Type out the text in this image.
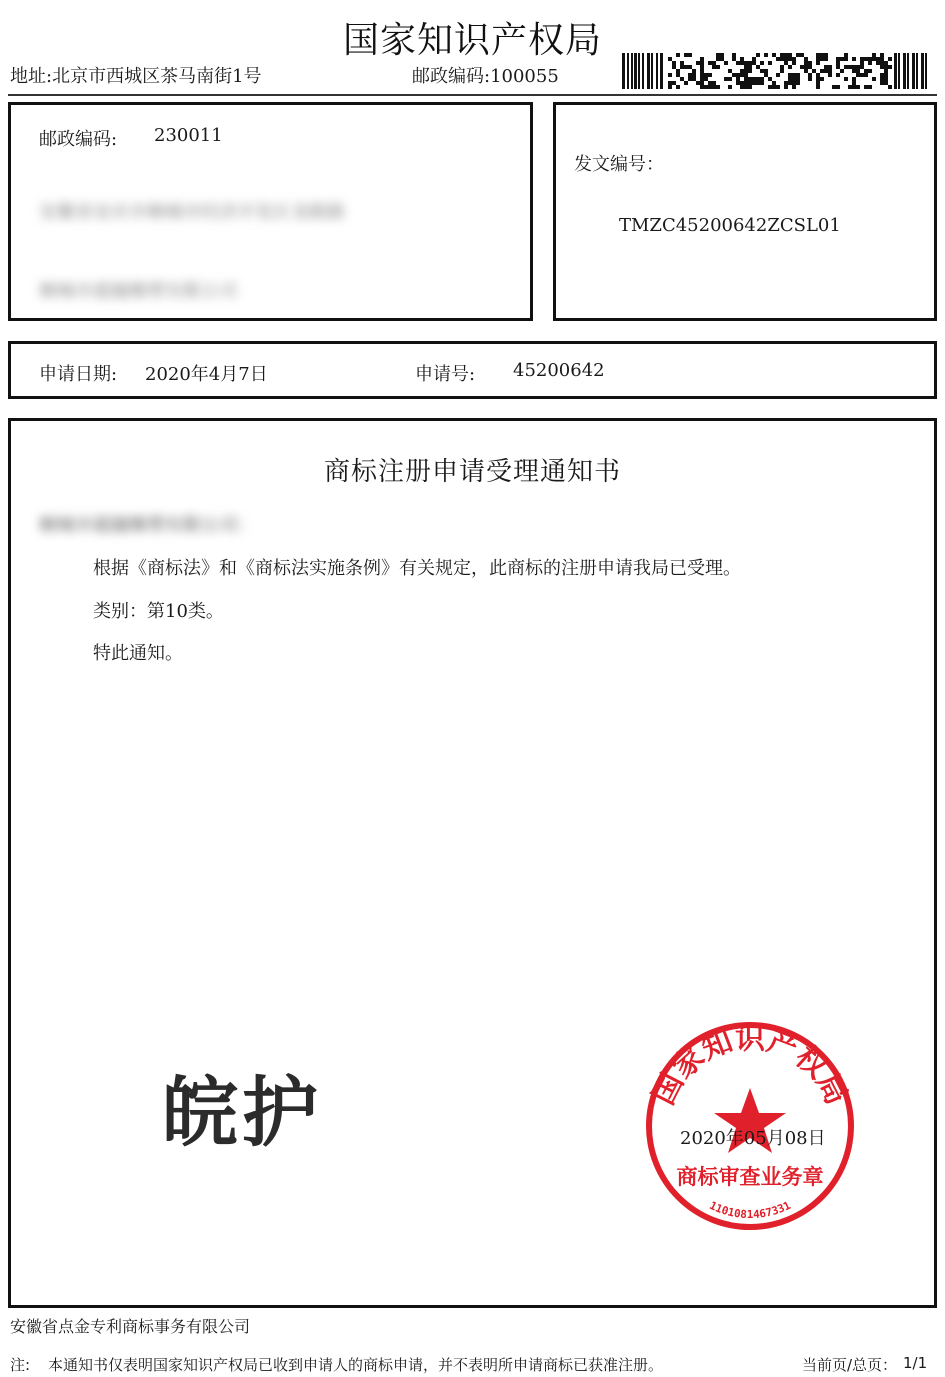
国家知识产权局
地址:北京市西城区茶马南街1号	邮政编码:100055
邮政编码: 230011
安徽省安庆市桐城市经济开发区龙眠路
桐城市超越橡塑有限公司
发文编号：
TMZC45200642ZCSL01
申请日期: 2020年4月7日	申请号: 45200642
商标注册申请受理通知书
桐城市超越橡塑有限公司：
根据《商标法》和《商标法实施条例》有关规定，此商标的注册申请我局已受理。
类别：第10类。
特此通知。
皖护	国家知识产权局
商标审查业务章
1101081467331
2020年05月08日
安徽省点金专利商标事务有限公司
注: 本通知书仅表明国家知识产权局已收到申请人的商标申请，并不表明所申请商标已获准注册。	当前页/总页： 1/1
